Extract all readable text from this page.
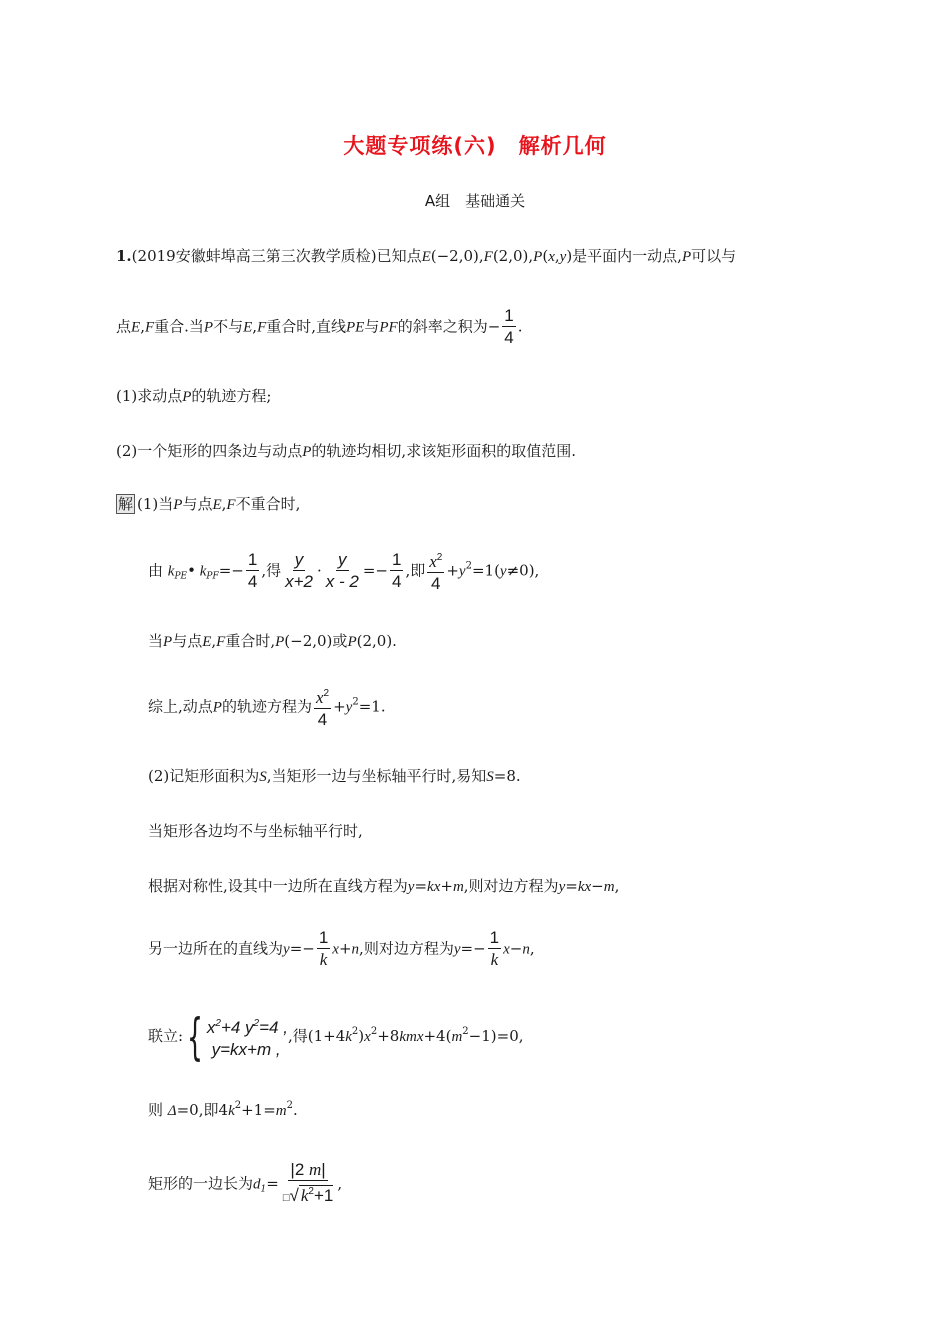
大题专项练(六)　解析几何
A组　基础通关
1.(2019安徽蚌埠高三第三次教学质检)已知点E(−2,0),F(2,0),P(x,y)是平面内一动点,P可以与
点E,F重合.当P不与E,F重合时,直线PE与PF的斜率之积为− $\frac{1}{4}$ .
(1)求动点P的轨迹方程;
(2)一个矩形的四条边与动点P的轨迹均相切,求该矩形面积的取值范围.
解 (1)当P与点E,F不重合时,
由 $k_{PE}•$ $k_{PF}=- \frac{1}{4}$ ,得 $\frac{y}{x+2} \cdot \frac{y}{x - 2} =- \frac{1}{4}$ ,即 $\frac{x^2}{4} +y^2=1(y\ne 0)$,
当P与点E,F重合时,P(−2,0)或P(2,0).
综上,动点P的轨迹方程为 $\frac{x^2}{4} +y^2=1$.
(2)记矩形面积为S,当矩形一边与坐标轴平行时,易知S=8.
当矩形各边均不与坐标轴平行时,
根据对称性,设其中一边所在直线方程为y=kx+m,则对边方程为y=kx−m,
另一边所在的直线为$y=- \frac{1}{k} x+n$,则对边方程为$y=- \frac{1}{k} x-n$,
联立: { $x^2+4$ $y^2=4$ ,
y=kx+m ,
,得$(1+4k^2)x^2+8kmx+4(m^2-1)=0$,
则 Δ=0,即$4k^2+1=m^2$.
矩形的一边长为$d_1= \frac{|2 m|}{□√ k^2+1}$ ,
